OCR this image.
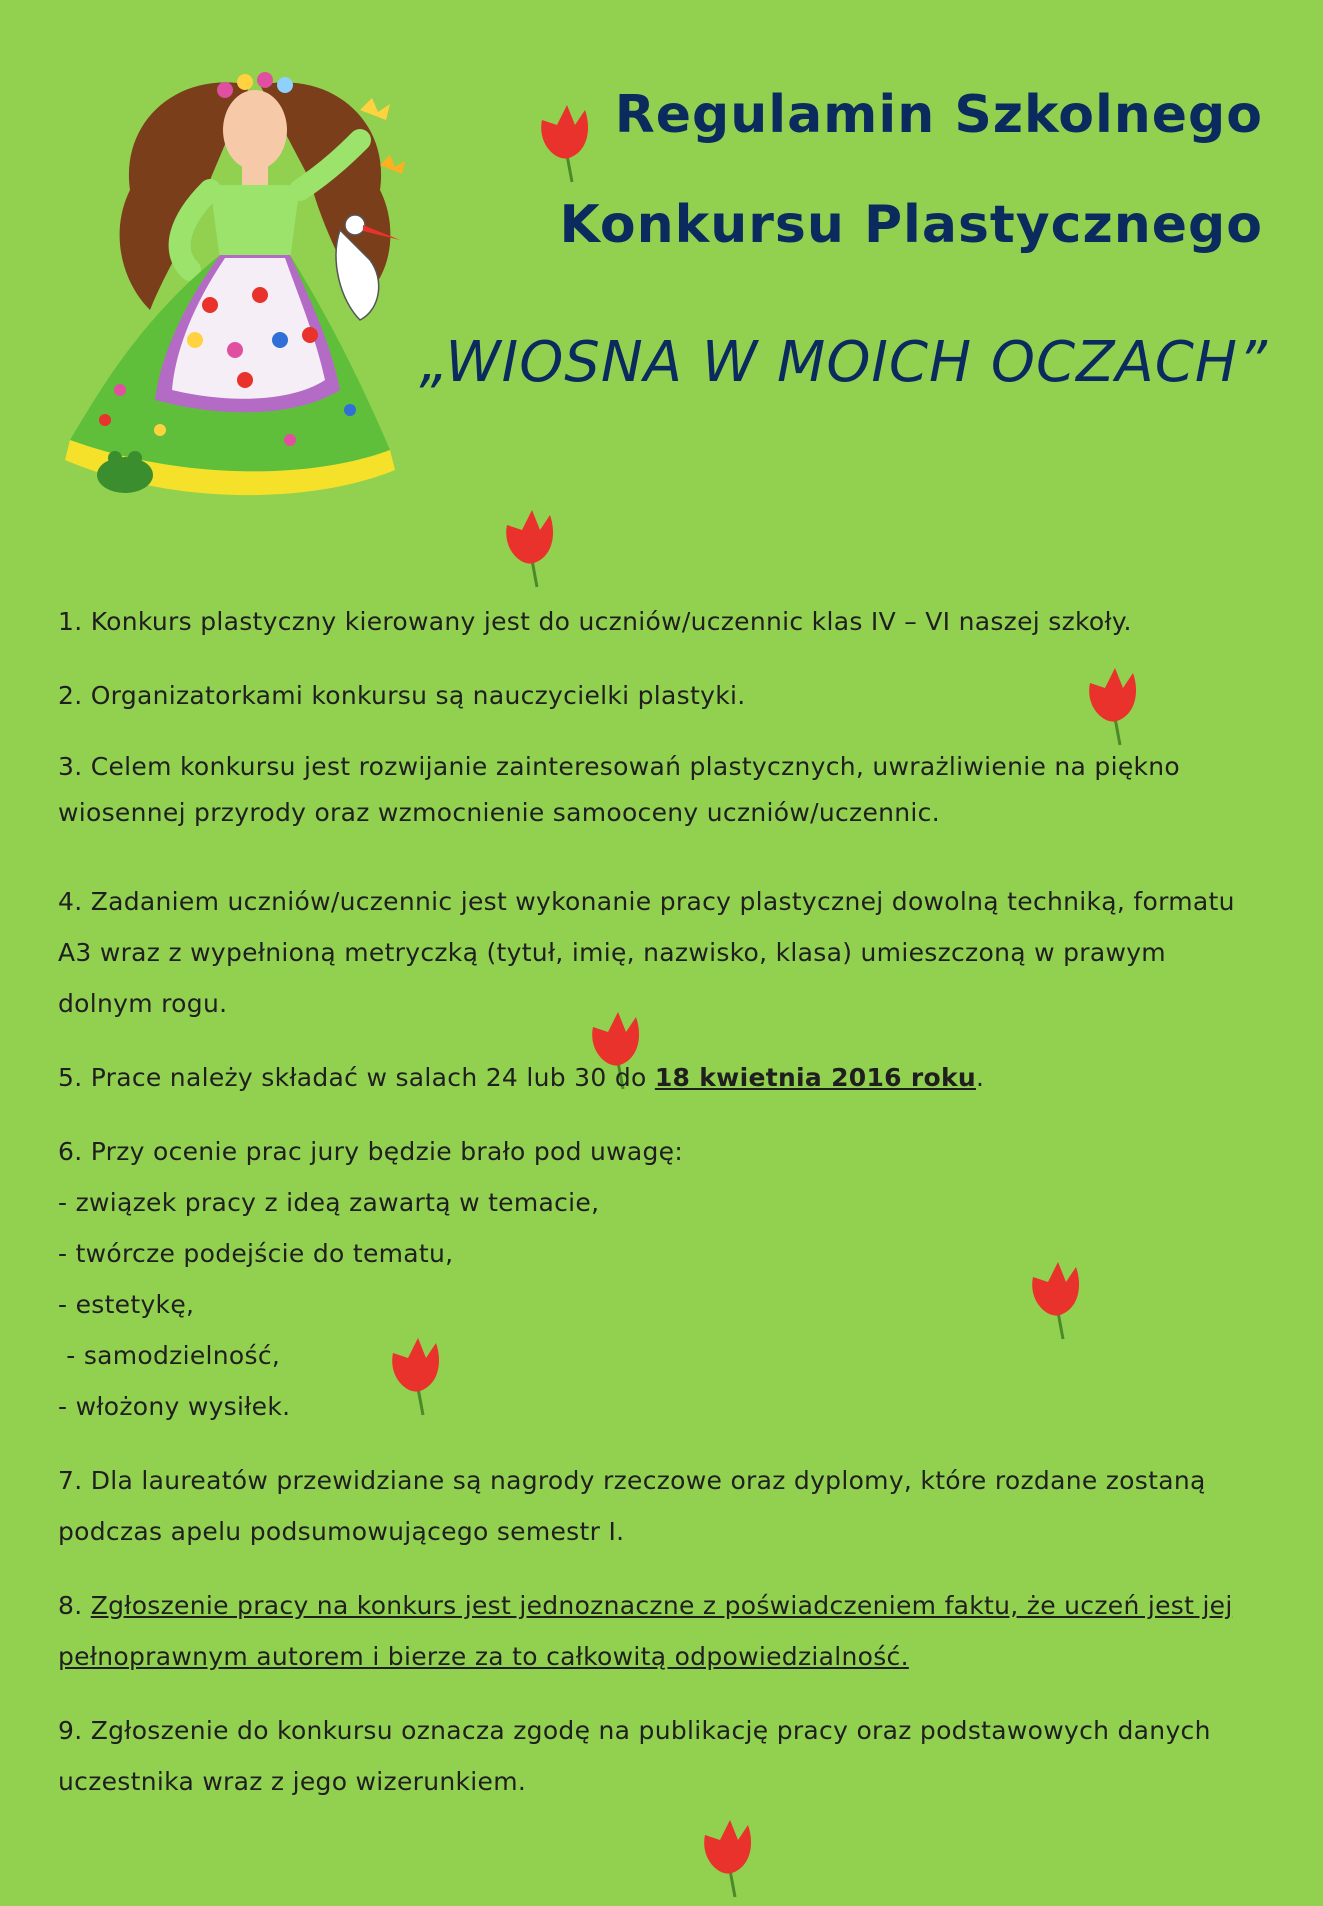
Regulamin Szkolnego
Konkursu Plastycznego
„WIOSNA W MOICH OCZACH”

1. Konkurs plastyczny kierowany jest do uczniów/uczennic klas IV – VI naszej szkoły.

2. Organizatorkami konkursu są nauczycielki plastyki.

3. Celem konkursu jest rozwijanie zainteresowań plastycznych, uwrażliwienie na piękno

wiosennej przyrody oraz wzmocnienie samooceny uczniów/uczennic.

4. Zadaniem uczniów/uczennic jest wykonanie pracy plastycznej dowolną techniką, formatu

A3 wraz z wypełnioną metryczką (tytuł, imię, nazwisko, klasa) umieszczoną w prawym

dolnym rogu.

5. Prace należy składać w salach 24 lub 30 do 18 kwietnia 2016 roku.

6. Przy ocenie prac jury będzie brało pod uwagę:

- związek pracy z ideą zawartą w temacie,

- twórcze podejście do tematu,

- estetykę,

- samodzielność,

- włożony wysiłek.

7. Dla laureatów przewidziane są nagrody rzeczowe oraz dyplomy, które rozdane zostaną

podczas apelu podsumowującego semestr I.

8. Zgłoszenie pracy na konkurs jest jednoznaczne z poświadczeniem faktu, że uczeń jest jej

pełnoprawnym autorem i bierze za to całkowitą odpowiedzialność.

9. Zgłoszenie do konkursu oznacza zgodę na publikację pracy oraz podstawowych danych

uczestnika wraz z jego wizerunkiem.
